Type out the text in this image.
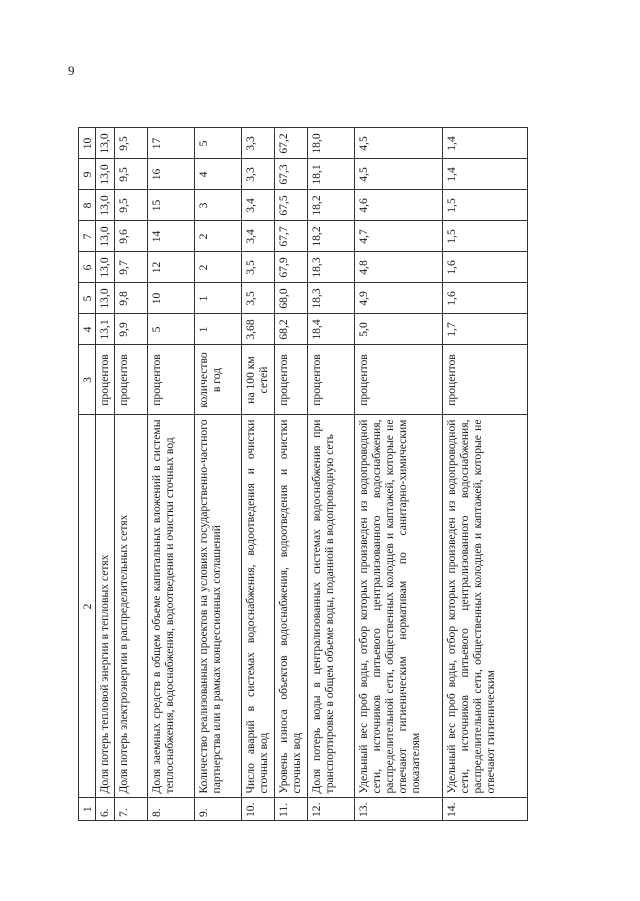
9
1	2	3	4	5	6	7	8	9	10
6.	Доля потерь тепловой энергии в тепловых сетях	процентов	13,1	13,0	13,0	13,0	13,0	13,0	13,0
7.	Доля потерь электроэнергии в распределительных сетях	процентов	9,9	9,8	9,7	9,6	9,5	9,5	9,5
8.	Доля заемных средств в общем объеме капитальных вложений в системы теплоснабжения, водоснабжения, водоотведения и очистки сточных вод	процентов	5	10	12	14	15	16	17
9.	Количество реализованных проектов на условиях государственно-частного партнерства или в рамках концессионных соглашений	количество в год	1	1	2	2	3	4	5
10.	Число аварий в системах водоснабжения, водоотведения и очистки сточных вод	на 100 км сетей	3,68	3,5	3,5	3,4	3,4	3,3	3,3
11.	Уровень износа объектов водоснабжения, водоотведения и очистки сточных вод	процентов	68,2	68,0	67,9	67,7	67,5	67,3	67,2
12.	Доля потерь воды в централизованных системах водоснабжения при транспортировке в общем объеме воды, поданной в водопроводную сеть	процентов	18,4	18,3	18,3	18,2	18,2	18,1	18,0
13.	Удельный вес проб воды, отбор которых произведен из водопроводной сети, источников питьевого централизованного водоснабжения, распределительной сети, общественных колодцев и каптажей, которые не отвечают гигиеническим нормативам по санитарно-химическим показателям	процентов	5,0	4,9	4,8	4,7	4,6	4,5	4,5
14.	Удельный вес проб воды, отбор которых произведен из водопроводной сети, источников питьевого централизованного водоснабжения, распределительной сети, общественных колодцев и каптажей, которые не отвечают гигиеническим	процентов	1,7	1,6	1,6	1,5	1,5	1,4	1,4
